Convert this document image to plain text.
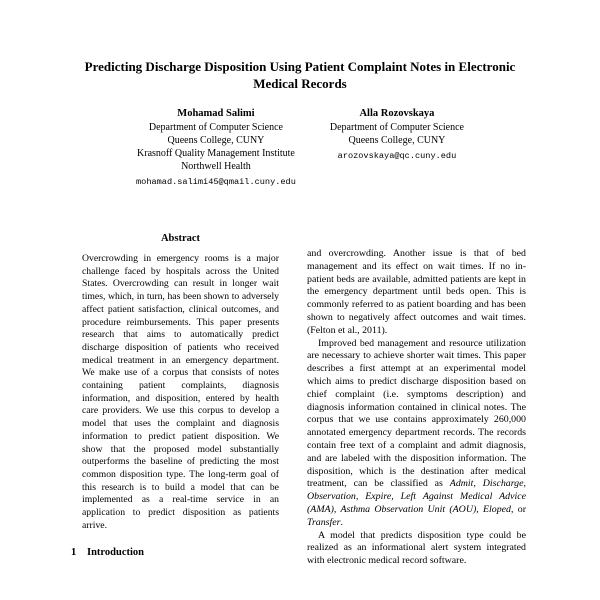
Predicting Discharge Disposition Using Patient Complaint Notes in Electronic Medical Records
Mohamad Salimi
Department of Computer Science
Queens College, CUNY
Krasnoff Quality Management Institute
Northwell Health
mohamad.salimi45@qmail.cuny.edu
Alla Rozovskaya
Department of Computer Science
Queens College, CUNY
arozovskaya@qc.cuny.edu
Abstract

Overcrowding in emergency rooms is a major challenge faced by hospitals across the United States. Overcrowding can result in longer wait times, which, in turn, has been shown to adversely affect patient satisfaction, clinical outcomes, and procedure reimbursements. This paper presents research that aims to automatically predict discharge disposition of patients who received medical treatment in an emergency department. We make use of a corpus that consists of notes containing patient complaints, diagnosis information, and disposition, entered by health care providers. We use this corpus to develop a model that uses the complaint and diagnosis information to predict patient disposition. We show that the proposed model substantially outperforms the baseline of predicting the most common disposition type. The long-term goal of this research is to build a model that can be implemented as a real-time service in an application to predict disposition as patients arrive.

1 Introduction

and overcrowding. Another issue is that of bed management and its effect on wait times. If no in-patient beds are available, admitted patients are kept in the emergency department until beds open. This is commonly referred to as patient boarding and has been shown to negatively affect outcomes and wait times. (Felton et al., 2011).

Improved bed management and resource utilization are necessary to achieve shorter wait times. This paper describes a first attempt at an experimental model which aims to predict discharge disposition based on chief complaint (i.e. symptoms description) and diagnosis information contained in clinical notes. The corpus that we use contains approximately 260,000 annotated emergency department records. The records contain free text of a complaint and admit diagnosis, and are labeled with the disposition information. The disposition, which is the destination after medical treatment, can be classified as Admit, Discharge, Observation, Expire, Left Against Medical Advice (AMA), Asthma Observation Unit (AOU), Eloped, or Transfer.

A model that predicts disposition type could be realized as an informational alert system integrated with electronic medical record software.
